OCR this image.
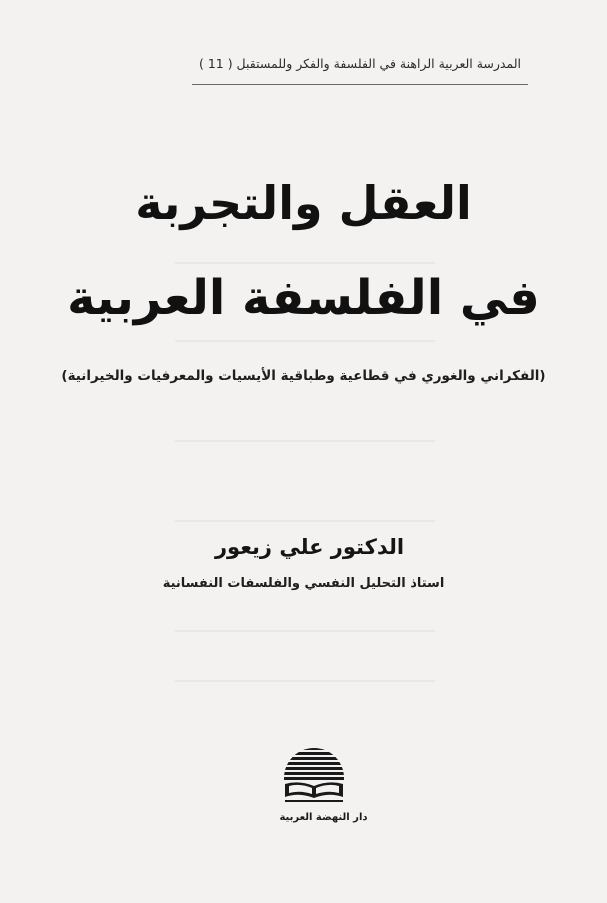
المدرسة العربية الراهنة في الفلسفة والفكر وللمستقبل ( 11 )
العقل والتجربة
في الفلسفة العربية
(الفكراني والغوري في قطاعية وطباقية الأيسيات والمعرفيات والخيرانية)
الدكتور علي زيعور
استاذ التحليل النفسي والفلسفات النفسانية
دار النهضة العربية
